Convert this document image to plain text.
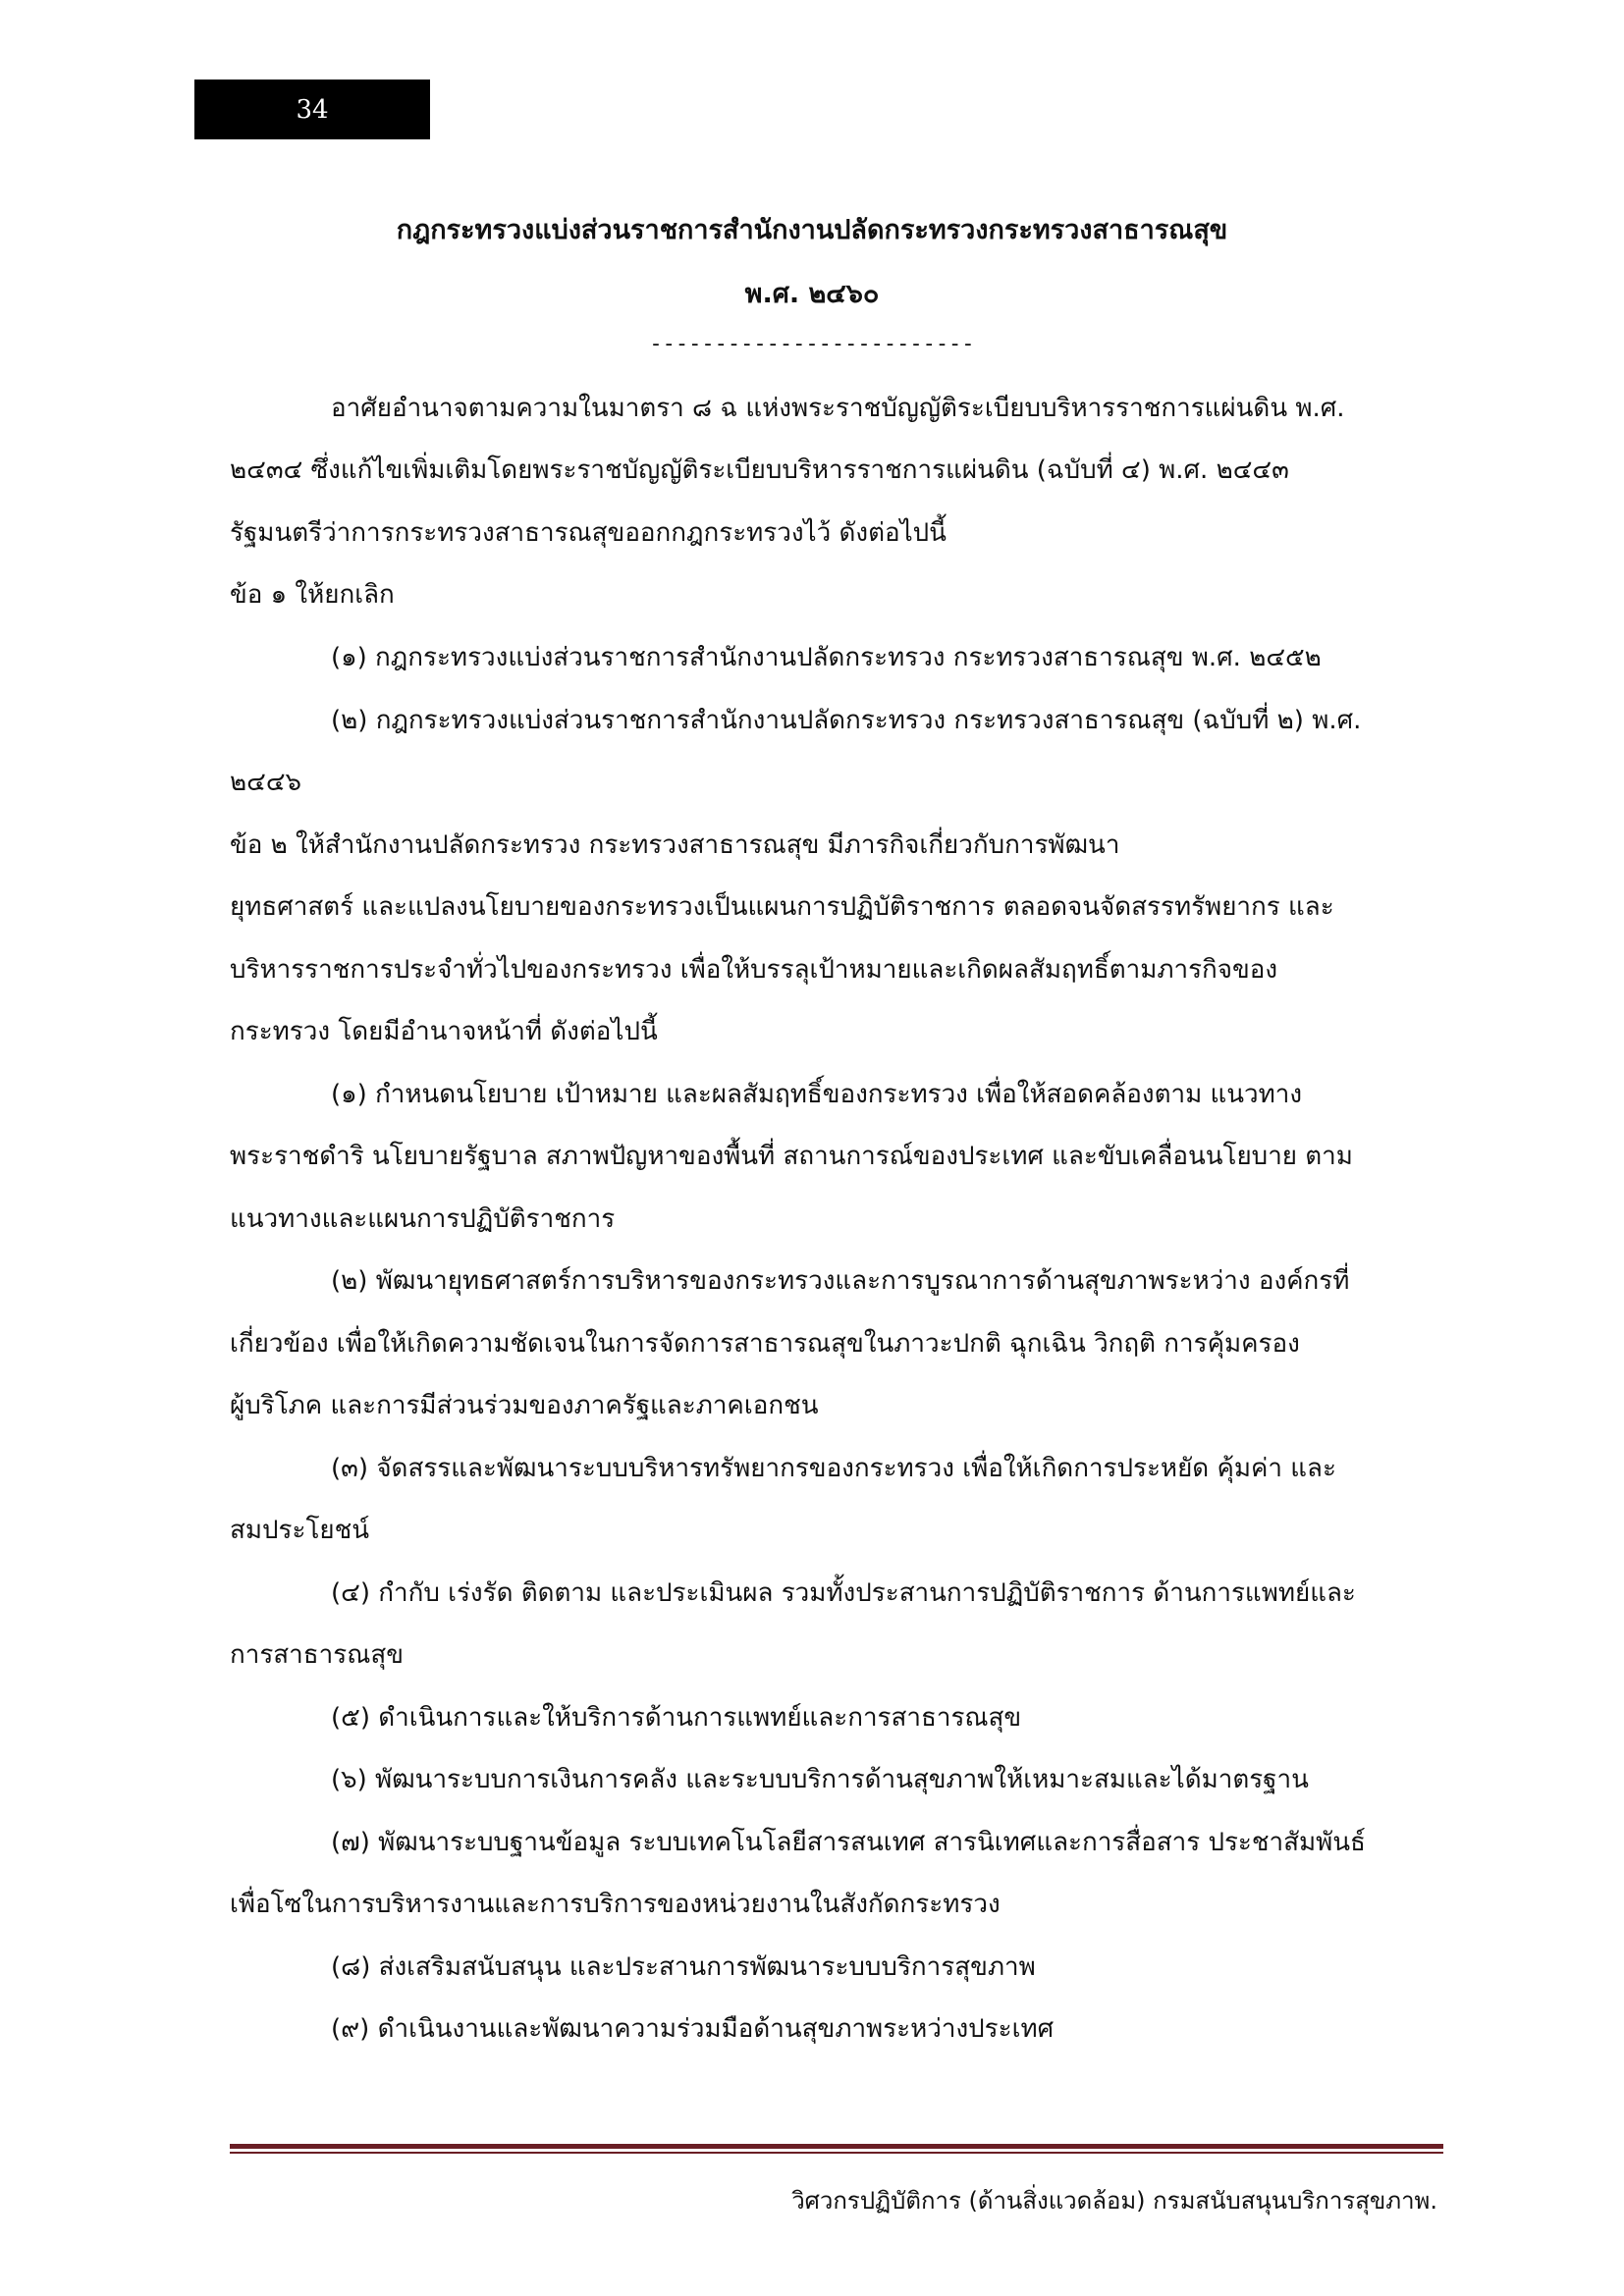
34
กฎกระทรวงแบ่งส่วนราชการสำนักงานปลัดกระทรวงกระทรวงสาธารณสุข
พ.ศ. ๒๔๖๐
-------------------------
อาศัยอำนาจตามความในมาตรา ๘ ฉ แห่งพระราชบัญญัติระเบียบบริหารราชการแผ่นดิน พ.ศ.
๒๔๓๔ ซึ่งแก้ไขเพิ่มเติมโดยพระราชบัญญัติระเบียบบริหารราชการแผ่นดิน (ฉบับที่ ๔) พ.ศ. ๒๔๔๓
รัฐมนตรีว่าการกระทรวงสาธารณสุขออกกฎกระทรวงไว้ ดังต่อไปนี้
ข้อ ๑ ให้ยกเลิก
(๑) กฎกระทรวงแบ่งส่วนราชการสำนักงานปลัดกระทรวง กระทรวงสาธารณสุข พ.ศ. ๒๔๕๒
(๒) กฎกระทรวงแบ่งส่วนราชการสำนักงานปลัดกระทรวง กระทรวงสาธารณสุข (ฉบับที่ ๒) พ.ศ.
๒๔๔๖
ข้อ ๒ ให้สำนักงานปลัดกระทรวง กระทรวงสาธารณสุข มีภารกิจเกี่ยวกับการพัฒนา
ยุทธศาสตร์ และแปลงนโยบายของกระทรวงเป็นแผนการปฏิบัติราชการ ตลอดจนจัดสรรทรัพยากร และ
บริหารราชการประจำทั่วไปของกระทรวง เพื่อให้บรรลุเป้าหมายและเกิดผลสัมฤทธิ์ตามภารกิจของ
กระทรวง โดยมีอำนาจหน้าที่ ดังต่อไปนี้
(๑) กำหนดนโยบาย เป้าหมาย และผลสัมฤทธิ์ของกระทรวง เพื่อให้สอดคล้องตาม แนวทาง
พระราชดำริ นโยบายรัฐบาล สภาพปัญหาของพื้นที่ สถานการณ์ของประเทศ และขับเคลื่อนนโยบาย ตาม
แนวทางและแผนการปฏิบัติราชการ
(๒) พัฒนายุทธศาสตร์การบริหารของกระทรวงและการบูรณาการด้านสุขภาพระหว่าง องค์กรที่
เกี่ยวข้อง เพื่อให้เกิดความชัดเจนในการจัดการสาธารณสุขในภาวะปกติ ฉุกเฉิน วิกฤติ การคุ้มครอง
ผู้บริโภค และการมีส่วนร่วมของภาครัฐและภาคเอกชน
(๓) จัดสรรและพัฒนาระบบบริหารทรัพยากรของกระทรวง เพื่อให้เกิดการประหยัด คุ้มค่า และ
สมประโยชน์
(๔) กำกับ เร่งรัด ติดตาม และประเมินผล รวมทั้งประสานการปฏิบัติราชการ ด้านการแพทย์และ
การสาธารณสุข
(๕) ดำเนินการและให้บริการด้านการแพทย์และการสาธารณสุข
(๖) พัฒนาระบบการเงินการคลัง และระบบบริการด้านสุขภาพให้เหมาะสมและได้มาตรฐาน
(๗) พัฒนาระบบฐานข้อมูล ระบบเทคโนโลยีสารสนเทศ สารนิเทศและการสื่อสาร ประชาสัมพันธ์
เพื่อโซในการบริหารงานและการบริการของหน่วยงานในสังกัดกระทรวง
(๘) ส่งเสริมสนับสนุน และประสานการพัฒนาระบบบริการสุขภาพ
(๙) ดำเนินงานและพัฒนาความร่วมมือด้านสุขภาพระหว่างประเทศ
วิศวกรปฏิบัติการ (ด้านสิ่งแวดล้อม) กรมสนับสนุนบริการสุขภาพ.
